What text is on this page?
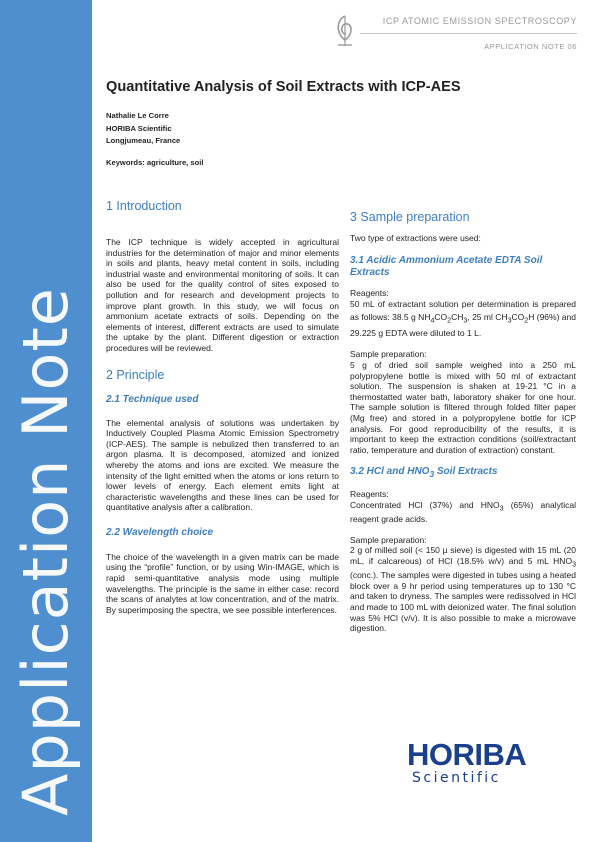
Application Note
ICP ATOMIC EMISSION SPECTROSCOPY
APPLICATION NOTE 06
Quantitative Analysis of Soil Extracts with ICP-AES
Nathalie Le Corre
HORIBA Scientific
Longjumeau, France
Keywords: agriculture, soil
1 Introduction

The ICP technique is widely accepted in agricultural industries for the determination of major and minor elements in soils and plants, heavy metal content in soils, including industrial waste and environmental monitoring of soils. It can also be used for the quality control of sites exposed to pollution and for research and development projects to improve plant growth. In this study, we will focus on ammonium acetate extracts of soils. Depending on the elements of interest, different extracts are used to simulate the uptake by the plant. Different digestion or extraction procedures will be reviewed.

2 Principle
2.1 Technique used

The elemental analysis of solutions was undertaken by Inductively Coupled Plasma Atomic Emission Spectrometry (ICP-AES). The sample is nebulized then transferred to an argon plasma. It is decomposed, atomized and ionized whereby the atoms and ions are excited. We measure the intensity of the light emitted when the atoms or ions return to lower levels of energy. Each element emits light at characteristic wavelengths and these lines can be used for quantitative analysis after a calibration.

2.2 Wavelength choice

The choice of the wavelength in a given matrix can be made using the “profile” function, or by using Win-IMAGE, which is rapid semi-quantitative analysis mode using multiple wavelengths. The principle is the same in either case: record the scans of analytes at low concentration, and of the matrix. By superimposing the spectra, we see possible interferences.

3 Sample preparation

Two type of extractions were used:

3.1 Acidic Ammonium Acetate EDTA Soil Extracts

Reagents:

50 mL of extractant solution per determination is prepared as follows: 38.5 g $NH_4CO_2CH_3$, 25 ml $CH_3CO_2H$ (96%) and 29.225 g EDTA were diluted to 1 L.

Sample preparation:

5 g of dried soil sample weighed into a 250 mL polypropylene bottle is mixed with 50 ml of extractant solution. The suspension is shaken at 19-21 °C in a thermostatted water bath, laboratory shaker for one hour. The sample solution is filtered through folded filter paper (Mg free) and stored in a polypropylene bottle for ICP analysis. For good reproducibility of the results, it is important to keep the extraction conditions (soil/extractant ratio, temperature and duration of extraction) constant.

3.2 HCl and $HNO_3$ Soil Extracts

Reagents:

Concentrated HCl (37%) and $HNO_3$ (65%) analytical reagent grade acids.

Sample preparation:

2 g of milled soil (< 150 µ sieve) is digested with 15 mL (20 mL, if calcareous) of HCl (18.5% w/v) and 5 mL $HNO_3$ (conc.). The samples were digested in tubes using a heated block over a 9 hr period using temperatures up to 130 °C and taken to dryness. The samples were redissolved in HCl and made to 100 mL with deionized water. The final solution was 5% HCl (v/v). It is also possible to make a microwave digestion.

HORIBA
Scientific
